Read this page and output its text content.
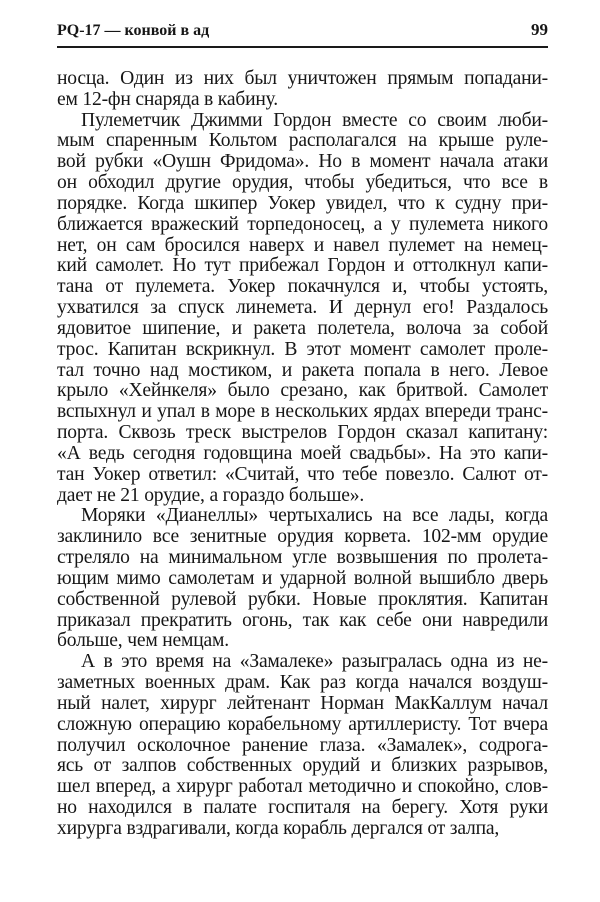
PQ-17 — конвой в ад	99
носца. Один из них был уничтожен прямым попадани-
ем 12-фн снаряда в кабину.
Пулеметчик Джимми Гордон вместе со своим люби-
мым спаренным Кольтом располагался на крыше руле-
вой рубки «Оушн Фридома». Но в момент начала атаки
он обходил другие орудия, чтобы убедиться, что все в
порядке. Когда шкипер Уокер увидел, что к судну при-
ближается вражеский торпедоносец, а у пулемета никого
нет, он сам бросился наверх и навел пулемет на немец-
кий самолет. Но тут прибежал Гордон и оттолкнул капи-
тана от пулемета. Уокер покачнулся и, чтобы устоять,
ухватился за спуск линемета. И дернул его! Раздалось
ядовитое шипение, и ракета полетела, волоча за собой
трос. Капитан вскрикнул. В этот момент самолет проле-
тал точно над мостиком, и ракета попала в него. Левое
крыло «Хейнкеля» было срезано, как бритвой. Самолет
вспыхнул и упал в море в нескольких ярдах впереди транс-
порта. Сквозь треск выстрелов Гордон сказал капитану:
«А ведь сегодня годовщина моей свадьбы». На это капи-
тан Уокер ответил: «Считай, что тебе повезло. Салют от-
дает не 21 орудие, а гораздо больше».
Моряки «Дианеллы» чертыхались на все лады, когда
заклинило все зенитные орудия корвета. 102-мм орудие
стреляло на минимальном угле возвышения по пролета-
ющим мимо самолетам и ударной волной вышибло дверь
собственной рулевой рубки. Новые проклятия. Капитан
приказал прекратить огонь, так как себе они навредили
больше, чем немцам.
А в это время на «Замалеке» разыгралась одна из не-
заметных военных драм. Как раз когда начался воздуш-
ный налет, хирург лейтенант Норман МакКаллум начал
сложную операцию корабельному артиллеристу. Тот вчера
получил осколочное ранение глаза. «Замалек», содрога-
ясь от залпов собственных орудий и близких разрывов,
шел вперед, а хирург работал методично и спокойно, слов-
но находился в палате госпиталя на берегу. Хотя руки
хирурга вздрагивали, когда корабль дергался от залпа,
